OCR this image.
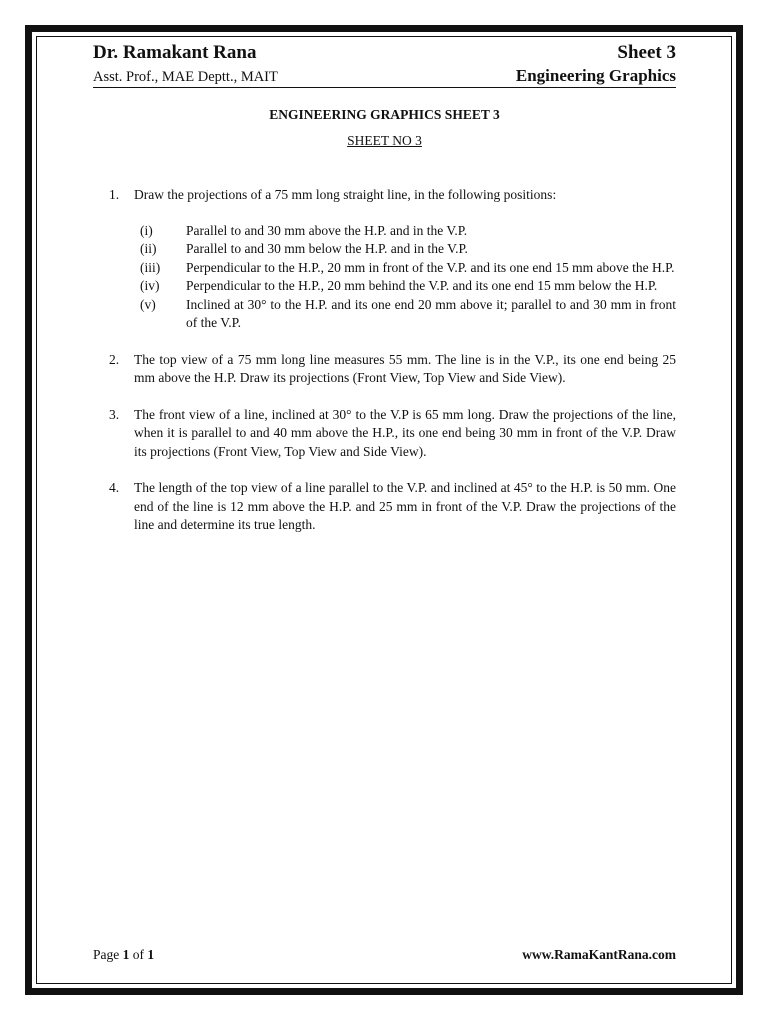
Dr. Ramakant Rana	Sheet 3
Asst. Prof., MAE Deptt., MAIT	Engineering Graphics
ENGINEERING GRAPHICS SHEET 3
SHEET NO 3
1.	Draw the projections of a 75 mm long straight line, in the following positions:
(i)	Parallel to and 30 mm above the H.P. and in the V.P.
(ii)	Parallel to and 30 mm below the H.P. and in the V.P.
(iii)	Perpendicular to the H.P., 20 mm in front of the V.P. and its one end 15 mm above the H.P.
(iv)	Perpendicular to the H.P., 20 mm behind the V.P. and its one end 15 mm below the H.P.
(v)	Inclined at 30° to the H.P. and its one end 20 mm above it; parallel to and 30 mm in front of the V.P.
2.	The top view of a 75 mm long line measures 55 mm. The line is in the V.P., its one end being 25 mm above the H.P. Draw its projections (Front View, Top View and Side View).
3.	The front view of a line, inclined at 30° to the V.P is 65 mm long. Draw the projections of the line, when it is parallel to and 40 mm above the H.P., its one end being 30 mm in front of the V.P. Draw its projections (Front View, Top View and Side View).
4.	The length of the top view of a line parallel to the V.P. and inclined at 45° to the H.P. is 50 mm. One end of the line is 12 mm above the H.P. and 25 mm in front of the V.P. Draw the projections of the line and determine its true length.
Page 1 of 1	www.RamaKantRana.com
